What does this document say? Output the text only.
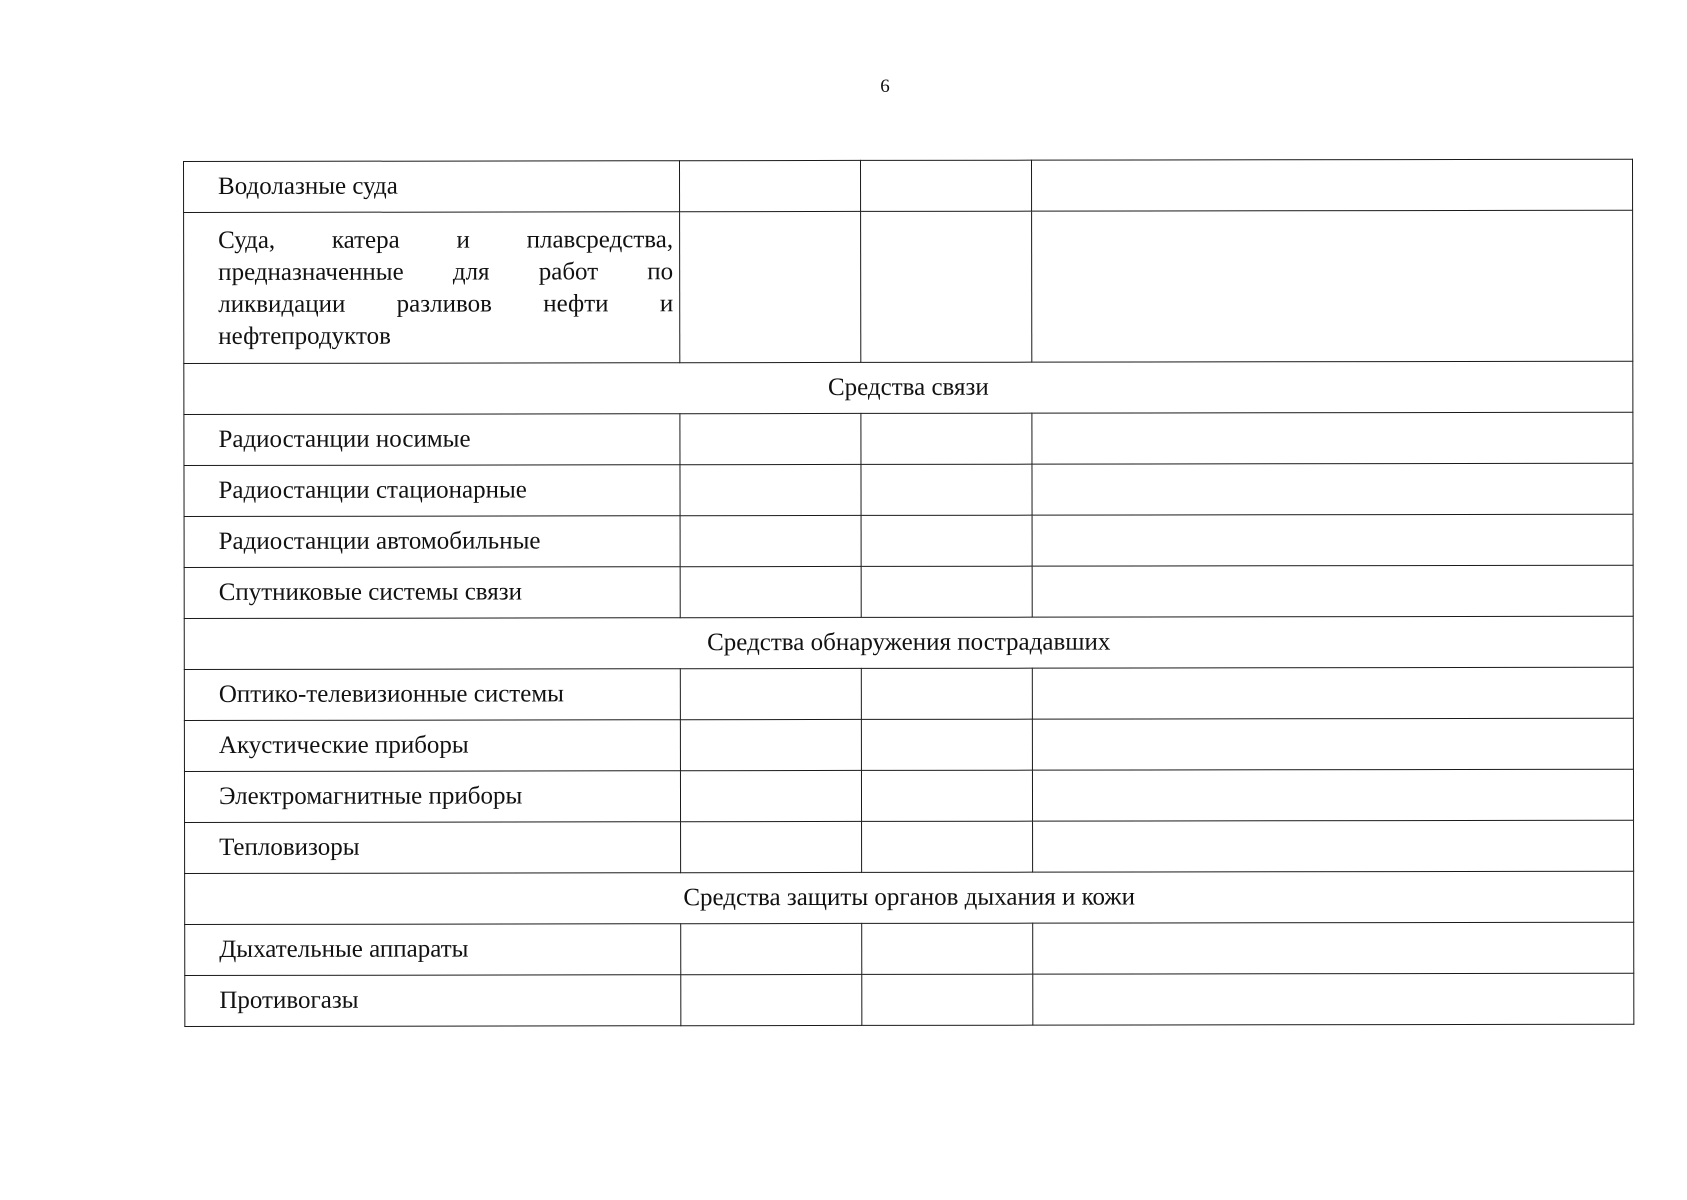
6
Водолазные суда			
Суда, катера и плавсредства, предназначенные для работ по ликвидации разливов нефти и нефтепродуктов			
Средства связи			
Радиостанции носимые			
Радиостанции стационарные			
Радиостанции автомобильные			
Спутниковые системы связи			
Средства обнаружения пострадавших			
Оптико-телевизионные системы			
Акустические приборы			
Электромагнитные приборы			
Тепловизоры			
Средства защиты органов дыхания и кожи			
Дыхательные аппараты			
Противогазы			
